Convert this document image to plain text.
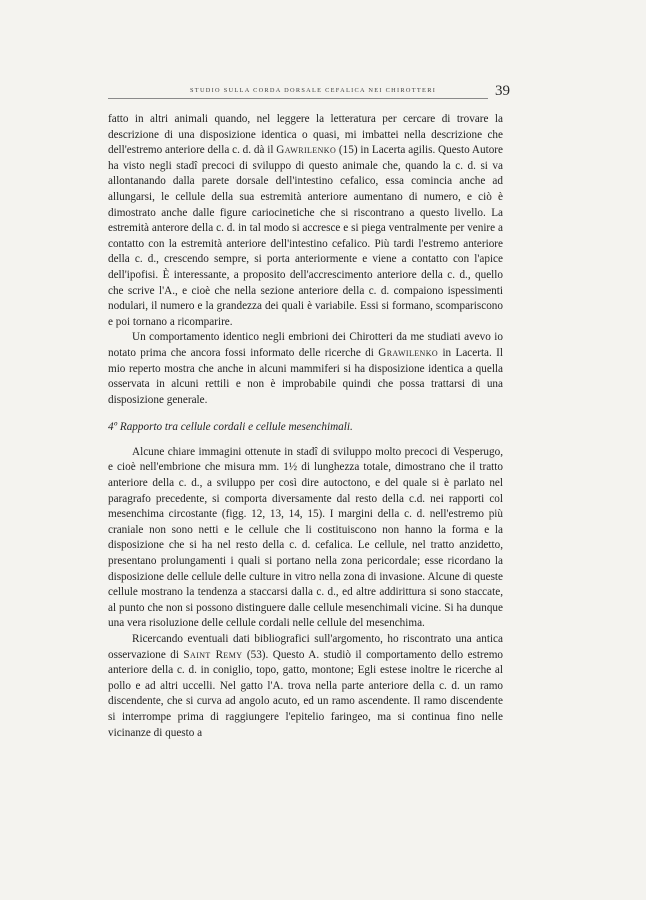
STUDIO SULLA CORDA DORSALE CEFALICA NEI CHIROTTERI	39

fatto in altri animali quando, nel leggere la letteratura per cercare di trovare la descrizione di una disposizione identica o quasi, mi imbattei nella descrizione che dell'estremo anteriore della c. d. dà il Gawrilenko (15) in Lacerta agilis. Questo Autore ha visto negli stadî precoci di sviluppo di questo animale che, quando la c. d. si va allontanando dalla parete dorsale dell'intestino cefalico, essa comincia anche ad allungarsi, le cellule della sua estremità anteriore aumentano di numero, e ciò è dimostrato anche dalle figure cariocinetiche che si riscontrano a questo livello. La estremità anterore della c. d. in tal modo si accresce e si piega ventralmente per venire a contatto con la estremità anteriore dell'intestino cefalico. Più tardi l'estremo anteriore della c. d., crescendo sempre, si porta anteriormente e viene a contatto con l'apice dell'ipofisi. È interessante, a proposito dell'accrescimento anteriore della c. d., quello che scrive l'A., e cioè che nella sezione anteriore della c. d. compaiono ispessimenti nodulari, il numero e la grandezza dei quali è variabile. Essi si formano, scompariscono e poi tornano a ricomparire.

Un comportamento identico negli embrioni dei Chirotteri da me studiati avevo io notato prima che ancora fossi informato delle ricerche di Grawilenko in Lacerta. Il mio reperto mostra che anche in alcuni mammiferi si ha disposizione identica a quella osservata in alcuni rettili e non è improbabile quindi che possa trattarsi di una disposizione generale.

4º Rapporto tra cellule cordali e cellule mesenchimali.

Alcune chiare immagini ottenute in stadî di sviluppo molto precoci di Vesperugo, e cioè nell'embrione che misura mm. 1½ di lunghezza totale, dimostrano che il tratto anteriore della c. d., a sviluppo per così dire autoctono, e del quale si è parlato nel paragrafo precedente, si comporta diversamente dal resto della c.d. nei rapporti col mesenchima circostante (figg. 12, 13, 14, 15). I margini della c. d. nell'estremo più craniale non sono netti e le cellule che li costituiscono non hanno la forma e la disposizione che si ha nel resto della c. d. cefalica. Le cellule, nel tratto anzidetto, presentano prolungamenti i quali si portano nella zona pericordale; esse ricordano la disposizione delle cellule delle culture in vitro nella zona di invasione. Alcune di queste cellule mostrano la tendenza a staccarsi dalla c. d., ed altre addirittura si sono staccate, al punto che non si possono distinguere dalle cellule mesenchimali vicine. Si ha dunque una vera risoluzione delle cellule cordali nelle cellule del mesenchima.

Ricercando eventuali dati bibliografici sull'argomento, ho riscontrato una antica osservazione di Saint Remy (53). Questo A. studiò il comportamento dello estremo anteriore della c. d. in coniglio, topo, gatto, montone; Egli estese inoltre le ricerche al pollo e ad altri uccelli. Nel gatto l'A. trova nella parte anteriore della c. d. un ramo discendente, che si curva ad angolo acuto, ed un ramo ascendente. Il ramo discendente si interrompe prima di raggiungere l'epitelio faringeo, ma si continua fino nelle vicinanze di questo a
